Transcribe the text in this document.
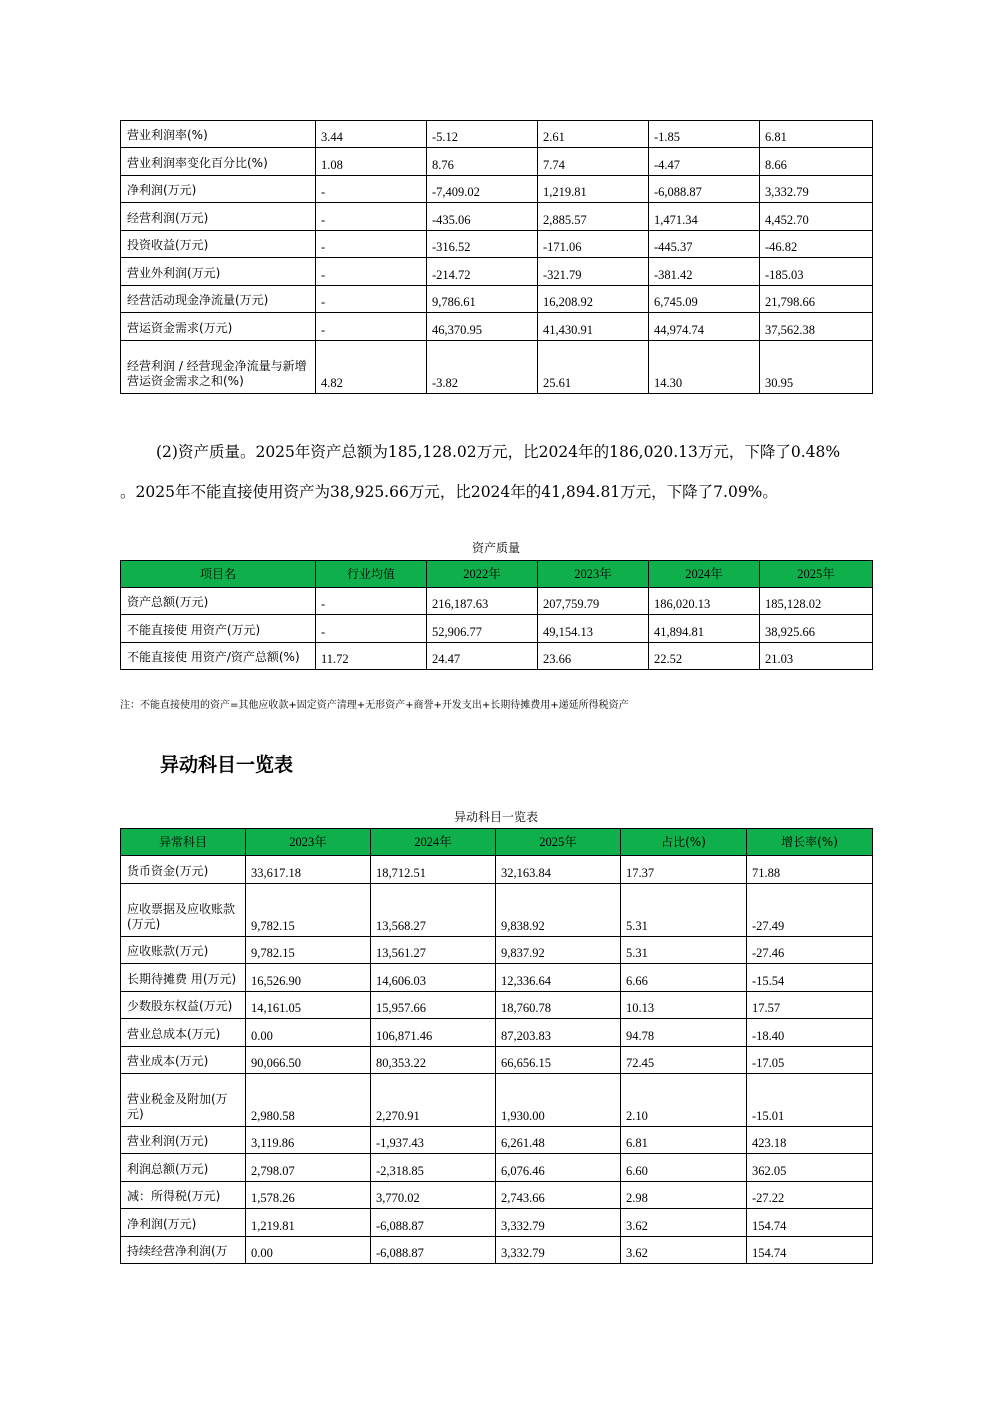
营业利润率(%)	3.44	-5.12	2.61	-1.85	6.81
营业利润率变化百分比(%)	1.08	8.76	7.74	-4.47	8.66
净利润(万元)	-	-7,409.02	1,219.81	-6,088.87	3,332.79
经营利润(万元)	-	-435.06	2,885.57	1,471.34	4,452.70
投资收益(万元)	-	-316.52	-171.06	-445.37	-46.82
营业外利润(万元)	-	-214.72	-321.79	-381.42	-185.03
经营活动现金净流量(万元)	-	9,786.61	16,208.92	6,745.09	21,798.66
营运资金需求(万元)	-	46,370.95	41,430.91	44,974.74	37,562.38
经营利润 / 经营现金净流量与新增营运资金需求之和(%)	4.82	-3.82	25.61	14.30	30.95
(2)资产质量。2025年资产总额为185,128.02万元，比2024年的186,020.13万元，下降了0.48%
。2025年不能直接使用资产为38,925.66万元，比2024年的41,894.81万元，下降了7.09%。
资产质量
项目名	行业均值	2022年	2023年	2024年	2025年
资产总额(万元)	-	216,187.63	207,759.79	186,020.13	185,128.02
不能直接使 用资产(万元)	-	52,906.77	49,154.13	41,894.81	38,925.66
不能直接使 用资产/资产总额(%)	11.72	24.47	23.66	22.52	21.03
注：不能直接使用的资产=其他应收款+固定资产清理+无形资产+商誉+开发支出+长期待摊费用+递延所得税资产
异动科目一览表
异动科目一览表
异常科目	2023年	2024年	2025年	占比(%)	增长率(%)
货币资金(万元)	33,617.18	18,712.51	32,163.84	17.37	71.88
应收票据及应收账款(万元)	9,782.15	13,568.27	9,838.92	5.31	-27.49
应收账款(万元)	9,782.15	13,561.27	9,837.92	5.31	-27.46
长期待摊费 用(万元)	16,526.90	14,606.03	12,336.64	6.66	-15.54
少数股东权益(万元)	14,161.05	15,957.66	18,760.78	10.13	17.57
营业总成本(万元)	0.00	106,871.46	87,203.83	94.78	-18.40
营业成本(万元)	90,066.50	80,353.22	66,656.15	72.45	-17.05
营业税金及附加(万元)	2,980.58	2,270.91	1,930.00	2.10	-15.01
营业利润(万元)	3,119.86	-1,937.43	6,261.48	6.81	423.18
利润总额(万元)	2,798.07	-2,318.85	6,076.46	6.60	362.05
减：所得税(万元)	1,578.26	3,770.02	2,743.66	2.98	-27.22
净利润(万元)	1,219.81	-6,088.87	3,332.79	3.62	154.74
持续经营净利润(万	0.00	-6,088.87	3,332.79	3.62	154.74
